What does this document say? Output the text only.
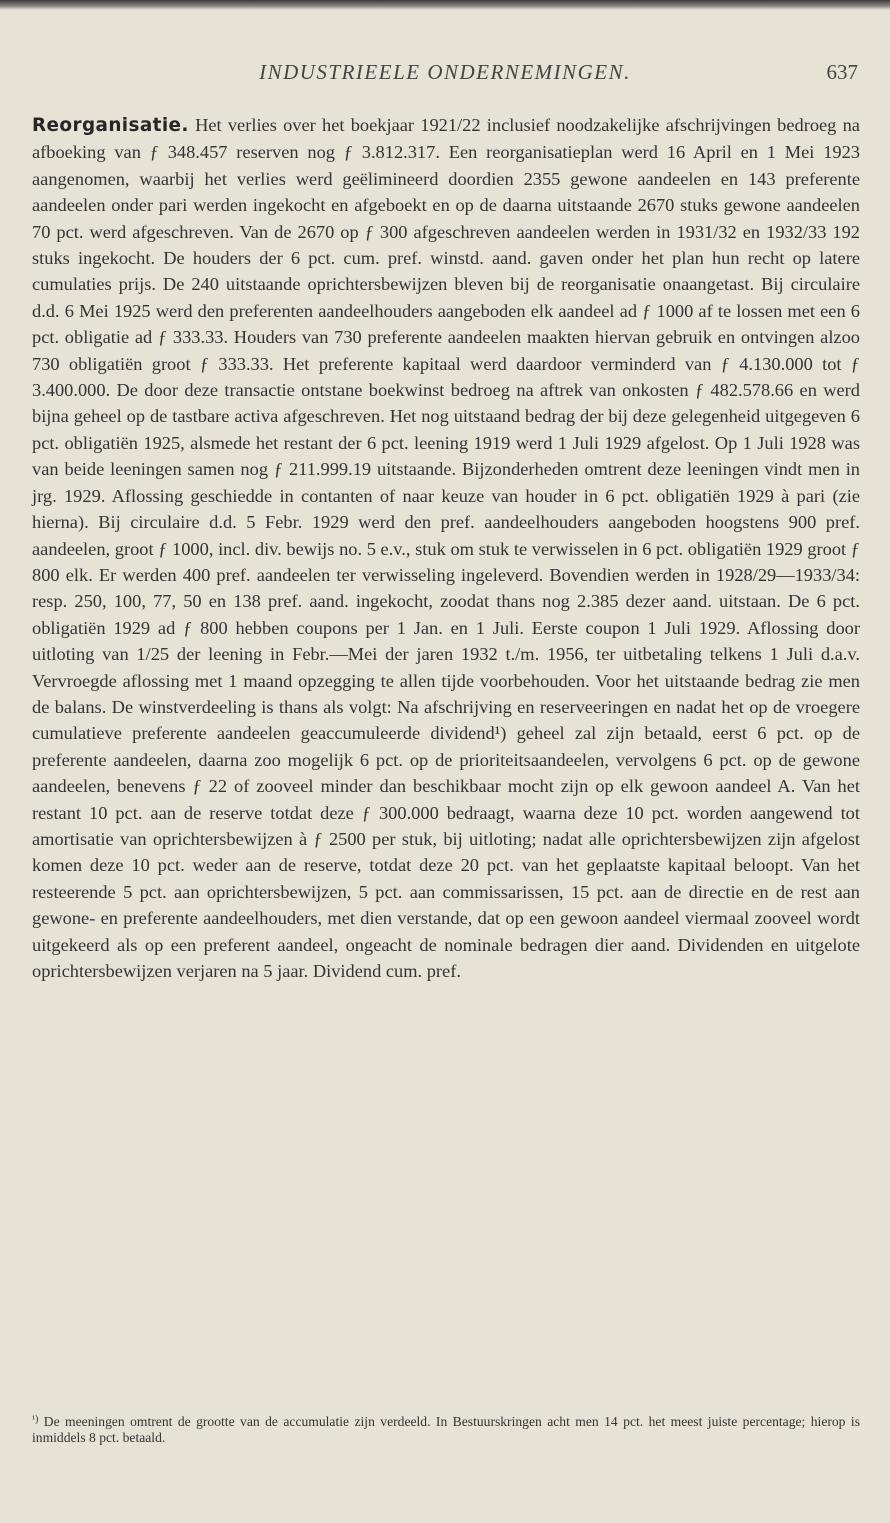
INDUSTRIEELE ONDERNEMINGEN.	637

Reorganisatie. Het verlies over het boekjaar 1921/22 inclusief noodzakelijke afschrijvingen bedroeg na afboeking van ƒ 348.457 reserven nog ƒ 3.812.317. Een reorganisatieplan werd 16 April en 1 Mei 1923 aangenomen, waarbij het verlies werd geëlimineerd doordien 2355 gewone aandeelen en 143 preferente aandeelen onder pari werden ingekocht en afgeboekt en op de daarna uitstaande 2670 stuks gewone aandeelen 70 pct. werd afgeschreven. Van de 2670 op ƒ 300 afgeschreven aandeelen werden in 1931/32 en 1932/33 192 stuks ingekocht. De houders der 6 pct. cum. pref. winstd. aand. gaven onder het plan hun recht op latere cumulaties prijs. De 240 uitstaande oprichtersbewijzen bleven bij de reorganisatie onaangetast. Bij circulaire d.d. 6 Mei 1925 werd den preferenten aandeelhouders aangeboden elk aandeel ad ƒ 1000 af te lossen met een 6 pct. obligatie ad ƒ 333.33. Houders van 730 preferente aandeelen maakten hiervan gebruik en ontvingen alzoo 730 obligatiën groot ƒ 333.33. Het preferente kapitaal werd daardoor verminderd van ƒ 4.130.000 tot ƒ 3.400.000. De door deze transactie ontstane boekwinst bedroeg na aftrek van onkosten ƒ 482.578.66 en werd bijna geheel op de tastbare activa afgeschreven. Het nog uitstaand bedrag der bij deze gelegenheid uitgegeven 6 pct. obligatiën 1925, alsmede het restant der 6 pct. leening 1919 werd 1 Juli 1929 afgelost. Op 1 Juli 1928 was van beide leeningen samen nog ƒ 211.999.19 uitstaande. Bijzonderheden omtrent deze leeningen vindt men in jrg. 1929. Aflossing geschiedde in contanten of naar keuze van houder in 6 pct. obligatiën 1929 à pari (zie hierna). Bij circulaire d.d. 5 Febr. 1929 werd den pref. aandeelhouders aangeboden hoogstens 900 pref. aandeelen, groot ƒ 1000, incl. div. bewijs no. 5 e.v., stuk om stuk te verwisselen in 6 pct. obligatiën 1929 groot ƒ 800 elk. Er werden 400 pref. aandeelen ter verwisseling ingeleverd. Bovendien werden in 1928/29—1933/34: resp. 250, 100, 77, 50 en 138 pref. aand. ingekocht, zoodat thans nog 2.385 dezer aand. uitstaan. De 6 pct. obligatiën 1929 ad ƒ 800 hebben coupons per 1 Jan. en 1 Juli. Eerste coupon 1 Juli 1929. Aflossing door uitloting van 1/25 der leening in Febr.—Mei der jaren 1932 t./m. 1956, ter uitbetaling telkens 1 Juli d.a.v. Vervroegde aflossing met 1 maand opzegging te allen tijde voorbehouden. Voor het uitstaande bedrag zie men de balans. De winstverdeeling is thans als volgt: Na afschrijving en reserveeringen en nadat het op de vroegere cumulatieve preferente aandeelen geaccumuleerde dividend¹) geheel zal zijn betaald, eerst 6 pct. op de preferente aandeelen, daarna zoo mogelijk 6 pct. op de prioriteitsaandeelen, vervolgens 6 pct. op de gewone aandeelen, benevens ƒ 22 of zooveel minder dan beschikbaar mocht zijn op elk gewoon aandeel A. Van het restant 10 pct. aan de reserve totdat deze ƒ 300.000 bedraagt, waarna deze 10 pct. worden aangewend tot amortisatie van oprichtersbewijzen à ƒ 2500 per stuk, bij uitloting; nadat alle oprichtersbewijzen zijn afgelost komen deze 10 pct. weder aan de reserve, totdat deze 20 pct. van het geplaatste kapitaal beloopt. Van het resteerende 5 pct. aan oprichtersbewijzen, 5 pct. aan commissarissen, 15 pct. aan de directie en de rest aan gewone- en preferente aandeelhouders, met dien verstande, dat op een gewoon aandeel viermaal zooveel wordt uitgekeerd als op een preferent aandeel, ongeacht de nominale bedragen dier aand. Dividenden en uitgelote oprichtersbewijzen verjaren na 5 jaar. Dividend cum. pref.

$^{^1)}$ De meeningen omtrent de grootte van de accumulatie zijn verdeeld. In Bestuurskringen acht men 14 pct. het meest juiste percentage; hierop is inmiddels 8 pct. betaald.
